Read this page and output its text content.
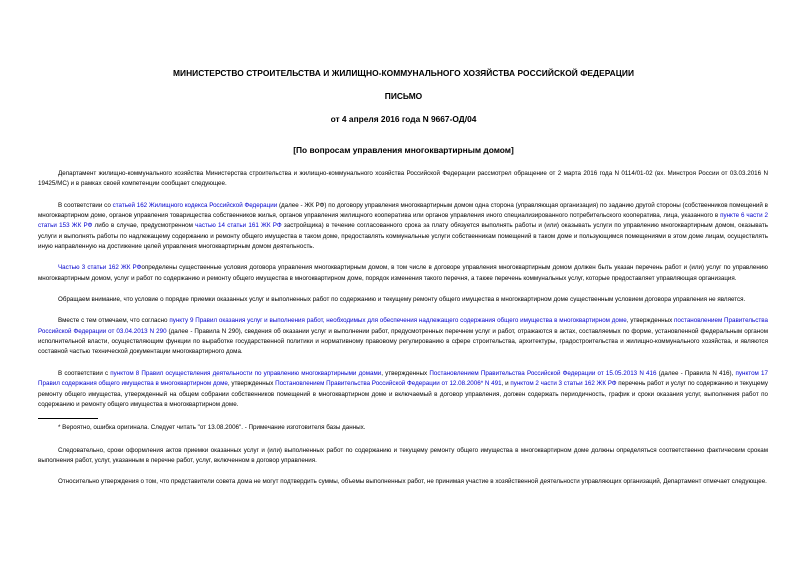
МИНИСТЕРСТВО СТРОИТЕЛЬСТВА И ЖИЛИЩНО-КОММУНАЛЬНОГО ХОЗЯЙСТВА РОССИЙСКОЙ ФЕДЕРАЦИИ
ПИСЬМО
от 4 апреля 2016 года N 9667-ОД/04
[По вопросам управления многоквартирным домом]

Департамент жилищно-коммунального хозяйства Министерства строительства и жилищно-коммунального хозяйства Российской Федерации рассмотрел обращение от 2 марта 2016 года N 0114/01-02 (вх. Минстроя России от 03.03.2016 N 19425/МС) и в рамках своей компетенции сообщает следующее.

В соответствии со статьей 162 Жилищного кодекса Российской Федерации (далее - ЖК РФ) по договору управления многоквартирным домом одна сторона (управляющая организация) по заданию другой стороны (собственников помещений в многоквартирном доме, органов управления товарищества собственников жилья, органов управления жилищного кооператива или органов управления иного специализированного потребительского кооператива, лица, указанного в пункте 6 части 2 статьи 153 ЖК РФ либо в случае, предусмотренном частью 14 статьи 161 ЖК РФ застройщика) в течение согласованного срока за плату обязуется выполнять работы и (или) оказывать услуги по управлению многоквартирным домом, оказывать услуги и выполнять работы по надлежащему содержанию и ремонту общего имущества в таком доме, предоставлять коммунальные услуги собственникам помещений в таком доме и пользующимся помещениями в этом доме лицам, осуществлять иную направленную на достижение целей управления многоквартирным домом деятельность.

Частью 3 статьи 162 ЖК РФопределены существенные условия договора управления многоквартирным домом, в том числе в договоре управления многоквартирным домом должен быть указан перечень работ и (или) услуг по управлению многоквартирным домом, услуг и работ по содержанию и ремонту общего имущества в многоквартирном доме, порядок изменения такого перечня, а также перечень коммунальных услуг, которые предоставляет управляющая организация.

Обращаем внимание, что условие о порядке приемки оказанных услуг и выполненных работ по содержанию и текущему ремонту общего имущества в многоквартирном доме существенным условием договора управления не является.

Вместе с тем отмечаем, что согласно пункту 9 Правил оказания услуг и выполнения работ, необходимых для обеспечения надлежащего содержания общего имущества в многоквартирном доме, утвержденных постановлением Правительства Российской Федерации от 03.04.2013 N 290 (далее - Правила N 290), сведения об оказании услуг и выполнении работ, предусмотренных перечнем услуг и работ, отражаются в актах, составляемых по форме, установленной федеральным органом исполнительной власти, осуществляющим функции по выработке государственной политики и нормативному правовому регулированию в сфере строительства, архитектуры, градостроительства и жилищно-коммунального хозяйства, и являются составной частью технической документации многоквартирного дома.

В соответствии с пунктом 8 Правил осуществления деятельности по управлению многоквартирными домами, утвержденных Постановлением Правительства Российской Федерации от 15.05.2013 N 416 (далее - Правила N 416), пунктом 17 Правил содержания общего имущества в многоквартирном доме, утвержденных Постановлением Правительства Российской Федерации от 12.08.2006* N 491, и пунктом 2 части 3 статьи 162 ЖК РФ перечень работ и услуг по содержанию и текущему ремонту общего имущества, утвержденный на общем собрании собственников помещений в многоквартирном доме и включаемый в договор управления, должен содержать периодичность, график и сроки оказания услуг, выполнения работ по содержанию и ремонту общего имущества в многоквартирном доме.

* Вероятно, ошибка оригинала. Следует читать "от 13.08.2006". - Примечание изготовителя базы данных.

Следовательно, сроки оформления актов приемки оказанных услуг и (или) выполненных работ по содержанию и текущему ремонту общего имущества в многоквартирном доме должны определяться соответственно фактическим срокам выполнения работ, услуг, указанным в перечне работ, услуг, включенном в договор управления.

Относительно утверждения о том, что представители совета дома не могут подтвердить суммы, объемы выполненных работ, не принимая участие в хозяйственной деятельности управляющих организаций, Департамент отмечает следующее.
